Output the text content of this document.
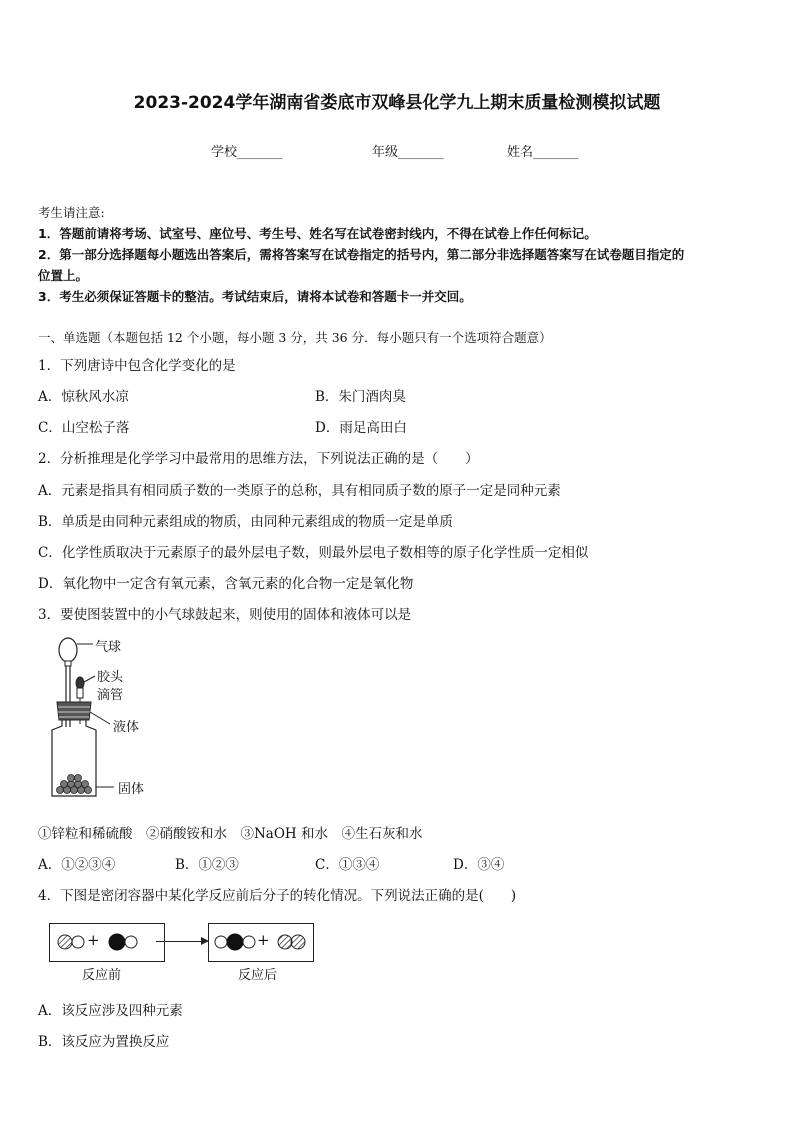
2023-2024学年湖南省娄底市双峰县化学九上期末质量检测模拟试题
学校_______	年级_______	姓名_______
考生请注意:
1．答题前请将考场、试室号、座位号、考生号、姓名写在试卷密封线内，不得在试卷上作任何标记。
2．第一部分选择题每小题选出答案后，需将答案写在试卷指定的括号内，第二部分非选择题答案写在试卷题目指定的
位置上。
3．考生必须保证答题卡的整洁。考试结束后，请将本试卷和答题卡一并交回。
一、单选题（本题包括 12 个小题，每小题 3 分，共 36 分．每小题只有一个选项符合题意）
1．下列唐诗中包含化学变化的是
A．惊秋风水凉	B．朱门酒肉臭
C．山空松子落	D．雨足高田白
2．分析推理是化学学习中最常用的思维方法，下列说法正确的是（　　）
A．元素是指具有相同质子数的一类原子的总称，具有相同质子数的原子一定是同种元素
B．单质是由同种元素组成的物质，由同种元素组成的物质一定是单质
C．化学性质取决于元素原子的最外层电子数，则最外层电子数相等的原子化学性质一定相似
D．氧化物中一定含有氧元素，含氧元素的化合物一定是氧化物
3．要使图装置中的小气球鼓起来，则使用的固体和液体可以是
气球
胶头
滴管
液体
固体
①锌粒和稀硫酸　②硝酸铵和水　③NaOH 和水　④生石灰和水
A．①②③④	B．①②③	C．①③④	D．③④
4．下图是密闭容器中某化学反应前后分子的转化情况。下列说法正确的是(　　)
+	+
反应前	反应后
A．该反应涉及四种元素
B．该反应为置换反应
